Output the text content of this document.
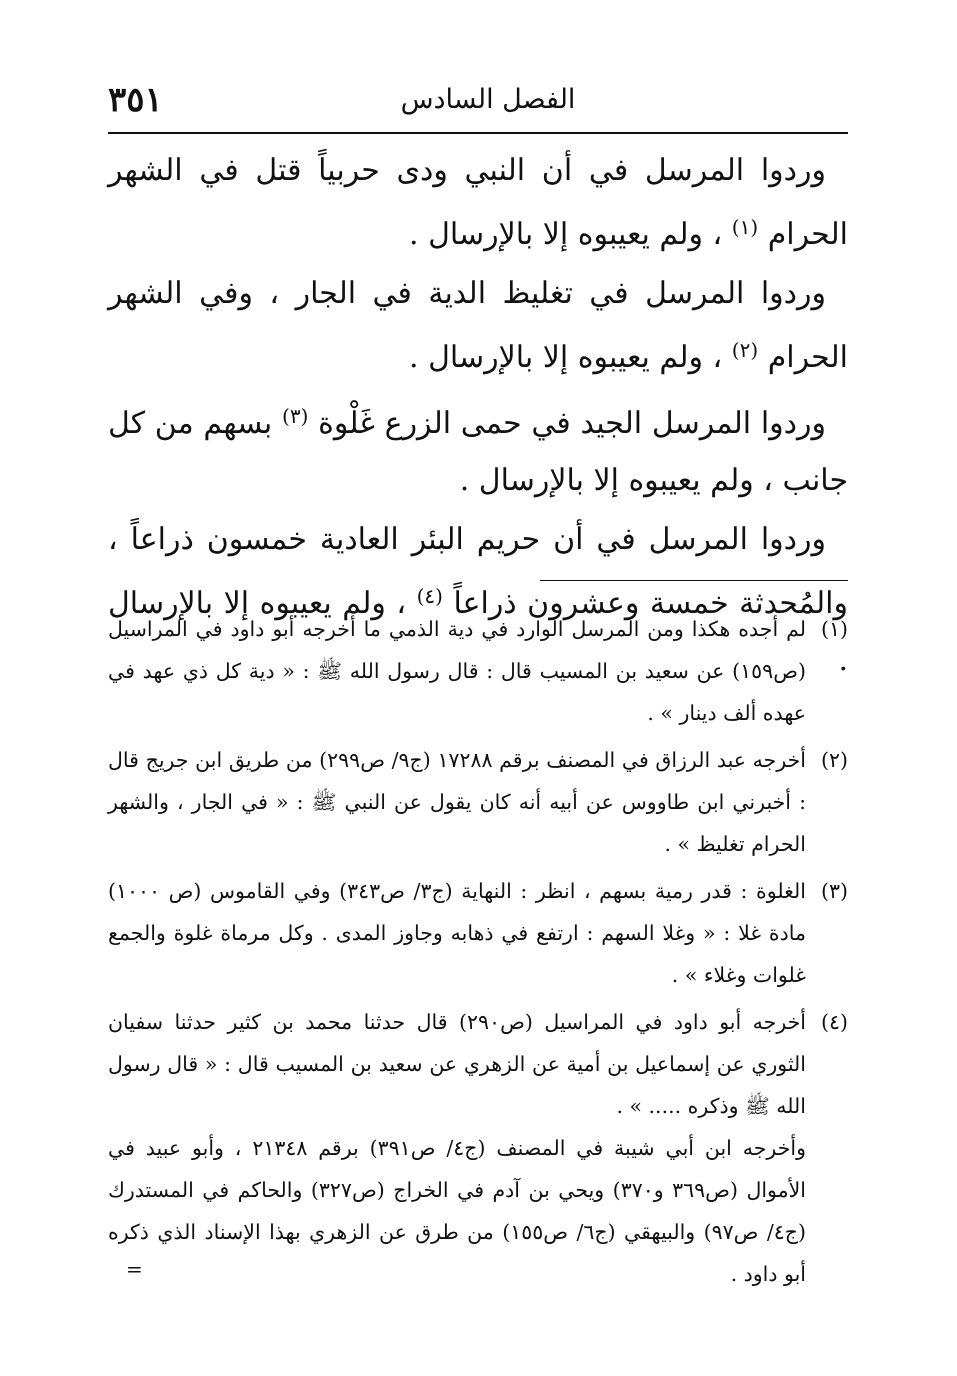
الفصل السادس
٣٥١

وردوا المرسل في أن النبي ودى حربياً قتل في الشهر الحرام $^{(١)}$ ، ولم يعيبوه إلا بالإرسال .

وردوا المرسل في تغليظ الدية في الجار ، وفي الشهر الحرام $^{(٢)}$ ، ولم يعيبوه إلا بالإرسال .

وردوا المرسل الجيد في حمى الزرع غَلْوة $^{(٣)}$ بسهم من كل جانب ، ولم يعيبوه إلا بالإرسال .

وردوا المرسل في أن حريم البئر العادية خمسون ذراعاً ، والمُحدثة خمسة وعشرون ذراعاً $^{(٤)}$ ، ولم يعيبوه إلا بالإرسال .

(١)
لم أجده هكذا ومن المرسل الوارد في دية الذمي ما أخرجه أبو داود في المراسيل (ص١٥٩) عن سعيد بن المسيب قال : قال رسول الله ﷺ : « دية كل ذي عهد في عهده ألف دينار » .
(٢)
أخرجه عبد الرزاق في المصنف برقم ١٧٢٨٨ (ج٩/ ص٢٩٩) من طريق ابن جريج قال : أخبرني ابن طاووس عن أبيه أنه كان يقول عن النبي ﷺ : « في الجار ، والشهر الحرام تغليظ » .
(٣)
الغلوة : قدر رمية بسهم ، انظر : النهاية (ج٣/ ص٣٤٣) وفي القاموس (ص ١٠٠٠) مادة غلا : « وغلا السهم : ارتفع في ذهابه وجاوز المدى . وكل مرماة غلوة والجمع غلوات وغلاء » .
(٤)
أخرجه أبو داود في المراسيل (ص٢٩٠) قال حدثنا محمد بن كثير حدثنا سفيان الثوري عن إسماعيل بن أمية عن الزهري عن سعيد بن المسيب قال : « قال رسول الله ﷺ وذكره ..... » .

وأخرجه ابن أبي شيبة في المصنف (ج٤/ ص٣٩١) برقم ٢١٣٤٨ ، وأبو عبيد في الأموال (ص٣٦٩ و٣٧٠) ويحي بن آدم في الخراج (ص٣٢٧) والحاكم في المستدرك (ج٤/ ص٩٧) والبيهقي (ج٦/ ص١٥٥) من طرق عن الزهري بهذا الإسناد الذي ذكره أبو داود .

=
